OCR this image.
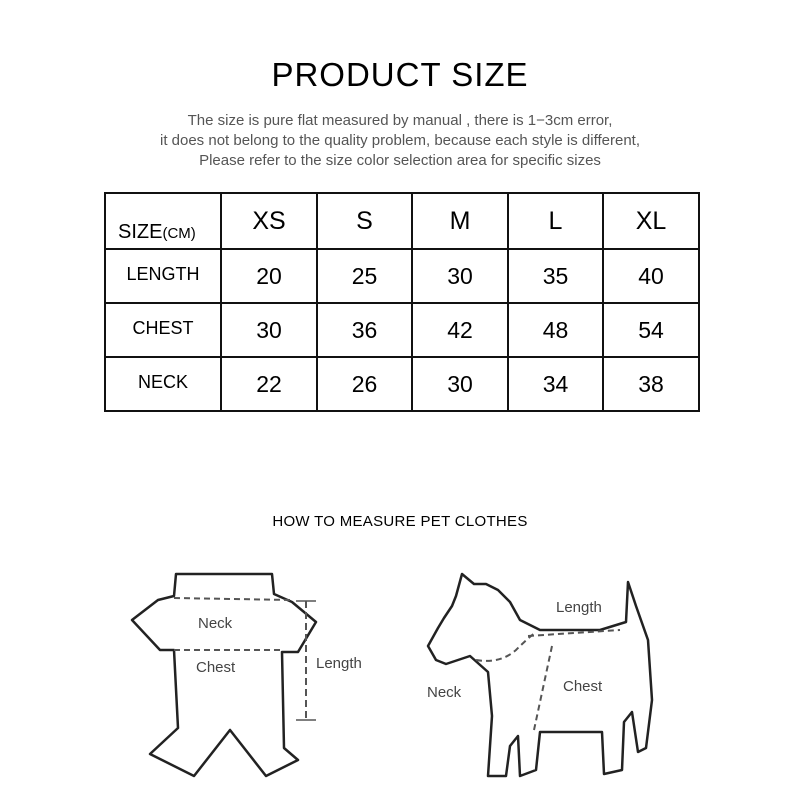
PRODUCT SIZE
The size is pure flat measured by manual , there is 1−3cm error,
it does not belong to the quality problem, because each style is different,
Please refer to the size color selection area for specific sizes
SIZE(CM)	XS	S	M	L	XL
LENGTH	20	25	30	35	40
CHEST	30	36	42	48	54
NECK	22	26	30	34	38
HOW TO MEASURE PET CLOTHES
Neck
Chest	Length
Length
Neck	Chest
